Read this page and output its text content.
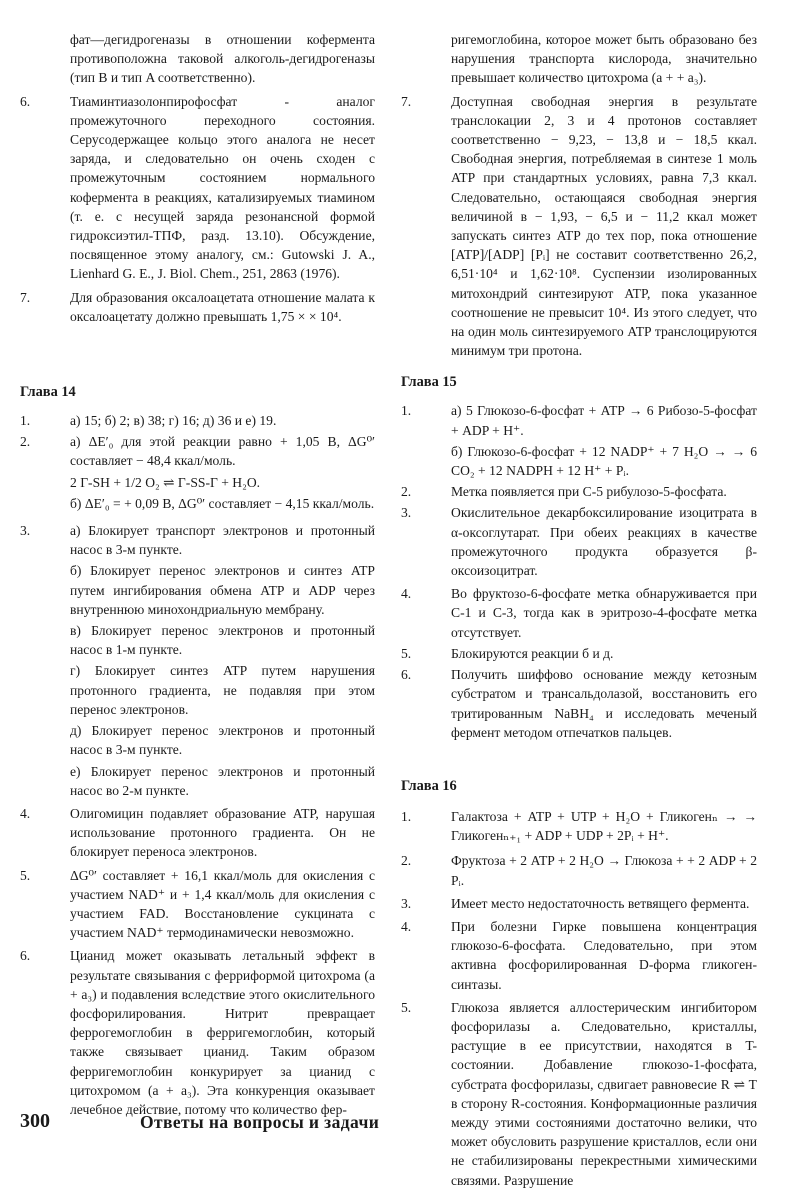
фат—дегидрогеназы в отношении кофермента противоположна таковой алкоголь-дегидрогеназы (тип B и тип A соответственно).
6.	Тиаминтиазолонпирофосфат - аналог промежуточного переходного состояния. Серусодержащее кольцо этого аналога не несет заряда, и следовательно он очень сходен с промежуточным состоянием нормального кофермента в реакциях, катализируемых тиамином (т. е. с несущей заряда резонансной формой гидроксиэтил-ТПФ, разд. 13.10). Обсуждение, посвященное этому аналогу, см.: Gutowski J. A., Lienhard G. E., J. Biol. Chem., 251, 2863 (1976).

7.	Для образования оксалоацетата отношение малата к оксалоацетату должно превышать 1,75 × × 10⁴.

Глава 14
1.	а) 15; б) 2; в) 38; г) 16; д) 36 и е) 19.

2.	а) ΔE′₀ для этой реакции равно + 1,05 В, ΔG⁰′ составляет − 48,4 ккал/моль.

2 Г-SH + 1/2 O₂ ⇌ Г-SS-Г + H₂O.

б) ΔE′₀ = + 0,09 В, ΔG⁰′ составляет − 4,15 ккал/моль.

3.	а) Блокирует транспорт электронов и протонный насос в 3-м пункте.

б) Блокирует перенос электронов и синтез ATP путем ингибирования обмена ATP и ADP через внутреннюю минохондриальную мембрану.

в) Блокирует перенос электронов и протонный насос в 1-м пункте.

г) Блокирует синтез ATP путем нарушения протонного градиента, не подавляя при этом перенос электронов.

д) Блокирует перенос электронов и протонный насос в 3-м пункте.

е) Блокирует перенос электронов и протонный насос во 2-м пункте.

4.	Олигомицин подавляет образование ATP, нарушая использование протонного градиента. Он не блокирует переноса электронов.

5.	ΔG⁰′ составляет + 16,1 ккал/моль для окисления с участием NAD⁺ и + 1,4 ккал/моль для окисления с участием FAD. Восстановление сукцината с участием NAD⁺ термодинамически невозможно.

6.	Цианид может оказывать летальный эффект в результате связывания с ферриформой цитохрома (a + a₃) и подавления вследствие этого окислительного фосфорилирования. Нитрит превращает феррогемоглобин в ферригемоглобин, который также связывает цианид. Таким образом ферригемоглобин конкурирует за цианид с цитохромом (a + a₃). Эта конкуренция оказывает лечебное действие, потому что количество фер-

ригемоглобина, которое может быть образовано без нарушения транспорта кислорода, значительно превышает количество цитохрома (a + + a₃).
7.	Доступная свободная энергия в результате транслокации 2, 3 и 4 протонов составляет соответственно − 9,23, − 13,8 и − 18,5 ккал. Свободная энергия, потребляемая в синтезе 1 моль ATP при стандартных условиях, равна 7,3 ккал. Следовательно, остающаяся свободная энергия величиной в − 1,93, − 6,5 и − 11,2 ккал может запускать синтез ATP до тех пор, пока отношение [ATP]/[ADP] [Pᵢ] не составит соответственно 26,2, 6,51·10⁴ и 1,62·10⁸. Суспензии изолированных митохондрий синтезируют ATP, пока указанное соотношение не превысит 10⁴. Из этого следует, что на один моль синтезируемого ATP транслоцируются минимум три протона.

Глава 15
1.	а) 5 Глюкозо-6-фосфат + ATP → 6 Рибозо-5-фосфат + ADP + H⁺.

б) Глюкозо-6-фосфат + 12 NADP⁺ + 7 H₂O → → 6 CO₂ + 12 NADPH + 12 H⁺ + Pᵢ.

2.	Метка появляется при C-5 рибулозо-5-фосфата.

3.	Окислительное декарбоксилирование изоцитрата в α-оксоглутарат. При обеих реакциях в качестве промежуточного продукта образуется β-оксоизоцитрат.

4.	Во фруктозо-6-фосфате метка обнаруживается при C-1 и C-3, тогда как в эритрозо-4-фосфате метка отсутствует.

5.	Блокируются реакции б и д.

6.	Получить шиффово основание между кетозным субстратом и трансальдолазой, восстановить его тритированным NaBH₄ и исследовать меченый фермент методом отпечатков пальцев.

Глава 16
1.	Галактоза + ATP + UTP + H₂O + Гликогенₙ → → Гликогенₙ₊₁ + ADP + UDP + 2Pᵢ + H⁺.

2.	Фруктоза + 2 ATP + 2 H₂O → Глюкоза + + 2 ADP + 2 Pᵢ.

3.	Имеет место недостаточность ветвящего фермента.

4.	При болезни Гирке повышена концентрация глюкозо-6-фосфата. Следовательно, при этом активна фосфорилированная D-форма гликоген-синтазы.

5.	Глюкоза является аллостерическим ингибитором фосфорилазы a. Следовательно, кристаллы, растущие в ее присутствии, находятся в T-состоянии. Добавление глюкозо-1-фосфата, субстрата фосфорилазы, сдвигает равновесие R ⇌ T в сторону R-состояния. Конформационные различия между этими состояниями достаточно велики, что может обусловить разрушение кристаллов, если они не стабилизированы перекрестными химическими связями. Разрушение

300	Ответы на вопросы и задачи
